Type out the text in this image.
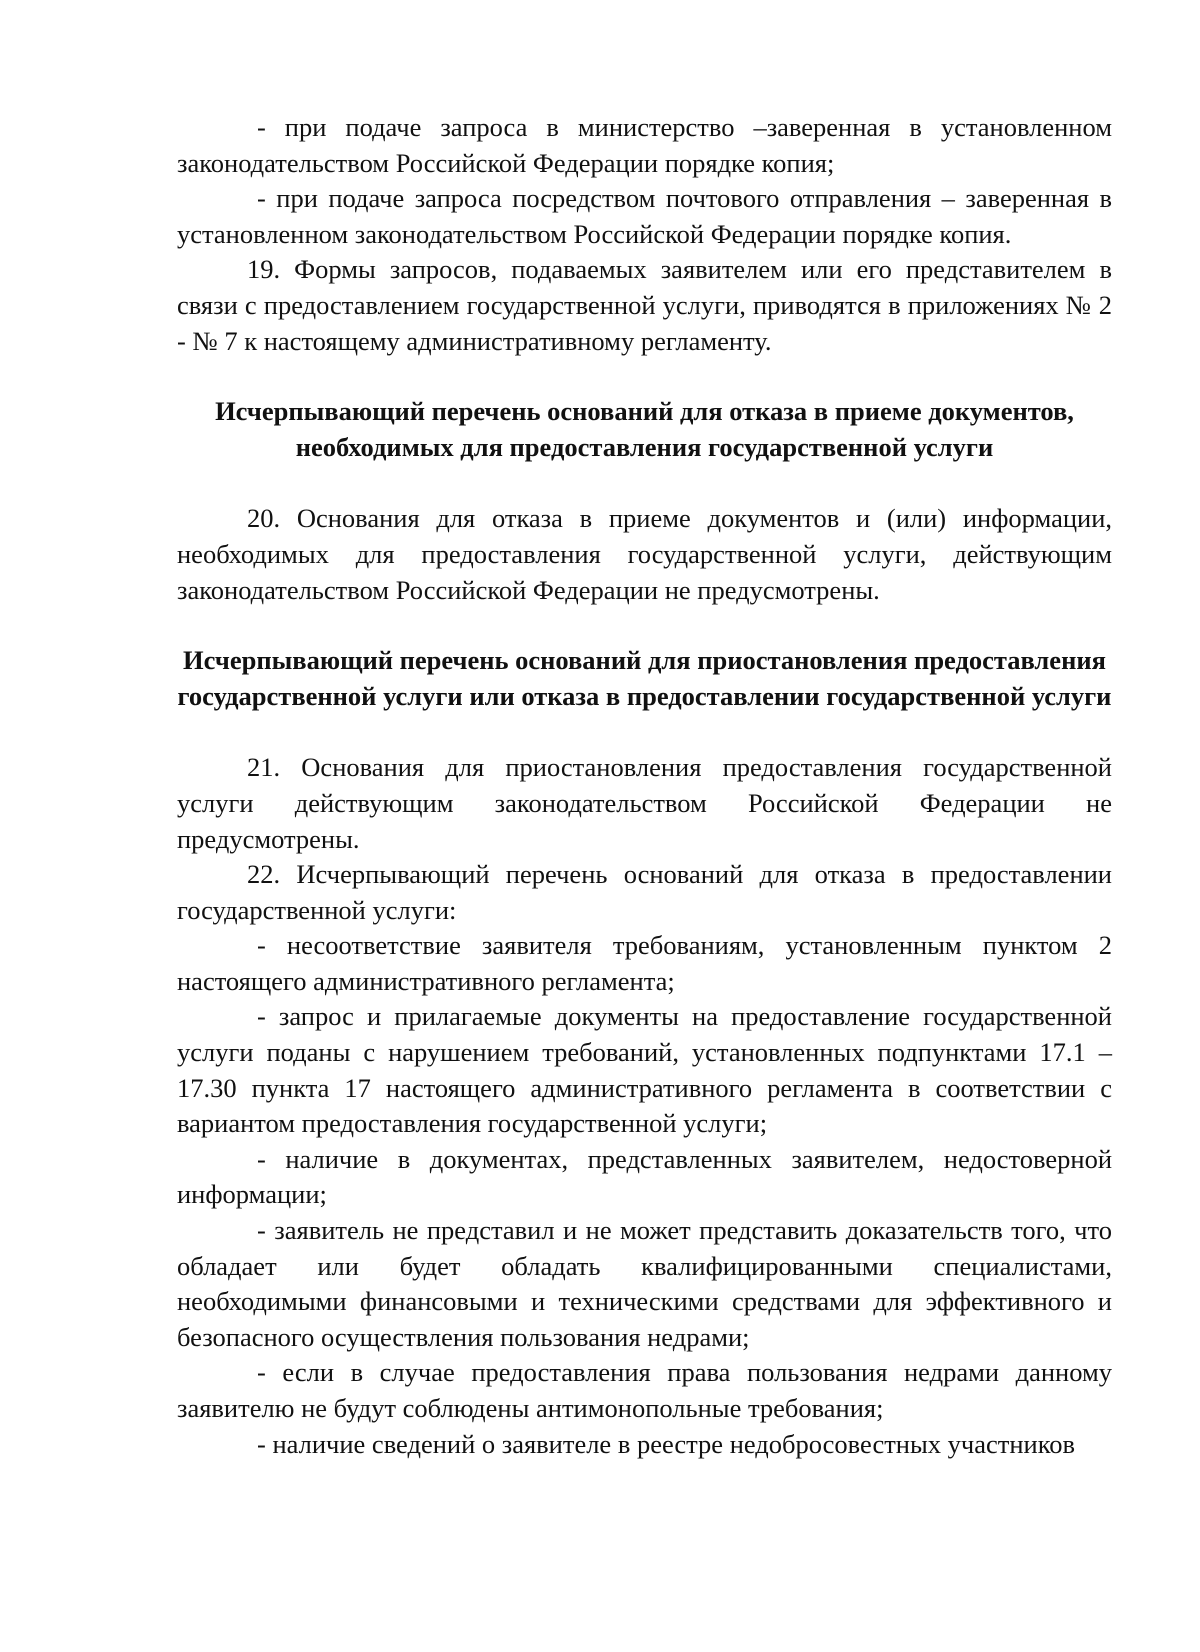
- при подаче запроса в министерство –заверенная в установленном законодательством Российской Федерации порядке копия;

- при подаче запроса посредством почтового отправления – заверенная в установленном законодательством Российской Федерации порядке копия.

19. Формы запросов, подаваемых заявителем или его представителем в связи с предоставлением государственной услуги, приводятся в приложениях № 2 - № 7 к настоящему административному регламенту.

Исчерпывающий перечень оснований для отказа в приеме документов, необходимых для предоставления государственной услуги

20. Основания для отказа в приеме документов и (или) информации, необходимых для предоставления государственной услуги, действующим законодательством Российской Федерации не предусмотрены.

Исчерпывающий перечень оснований для приостановления предоставления государственной услуги или отказа в предоставлении государственной услуги

21. Основания для приостановления предоставления государственной услуги действующим законодательством Российской Федерации не предусмотрены.

22. Исчерпывающий перечень оснований для отказа в предоставлении государственной услуги:

- несоответствие заявителя требованиям, установленным пунктом 2 настоящего административного регламента;

- запрос и прилагаемые документы на предоставление государственной услуги поданы с нарушением требований, установленных подпунктами 17.1 – 17.30 пункта 17 настоящего административного регламента в соответствии с вариантом предоставления государственной услуги;

- наличие в документах, представленных заявителем, недостоверной информации;

- заявитель не представил и не может представить доказательств того, что обладает или будет обладать квалифицированными специалистами, необходимыми финансовыми и техническими средствами для эффективного и безопасного осуществления пользования недрами;

- если в случае предоставления права пользования недрами данному заявителю не будут соблюдены антимонопольные требования;

- наличие сведений о заявителе в реестре недобросовестных участников
